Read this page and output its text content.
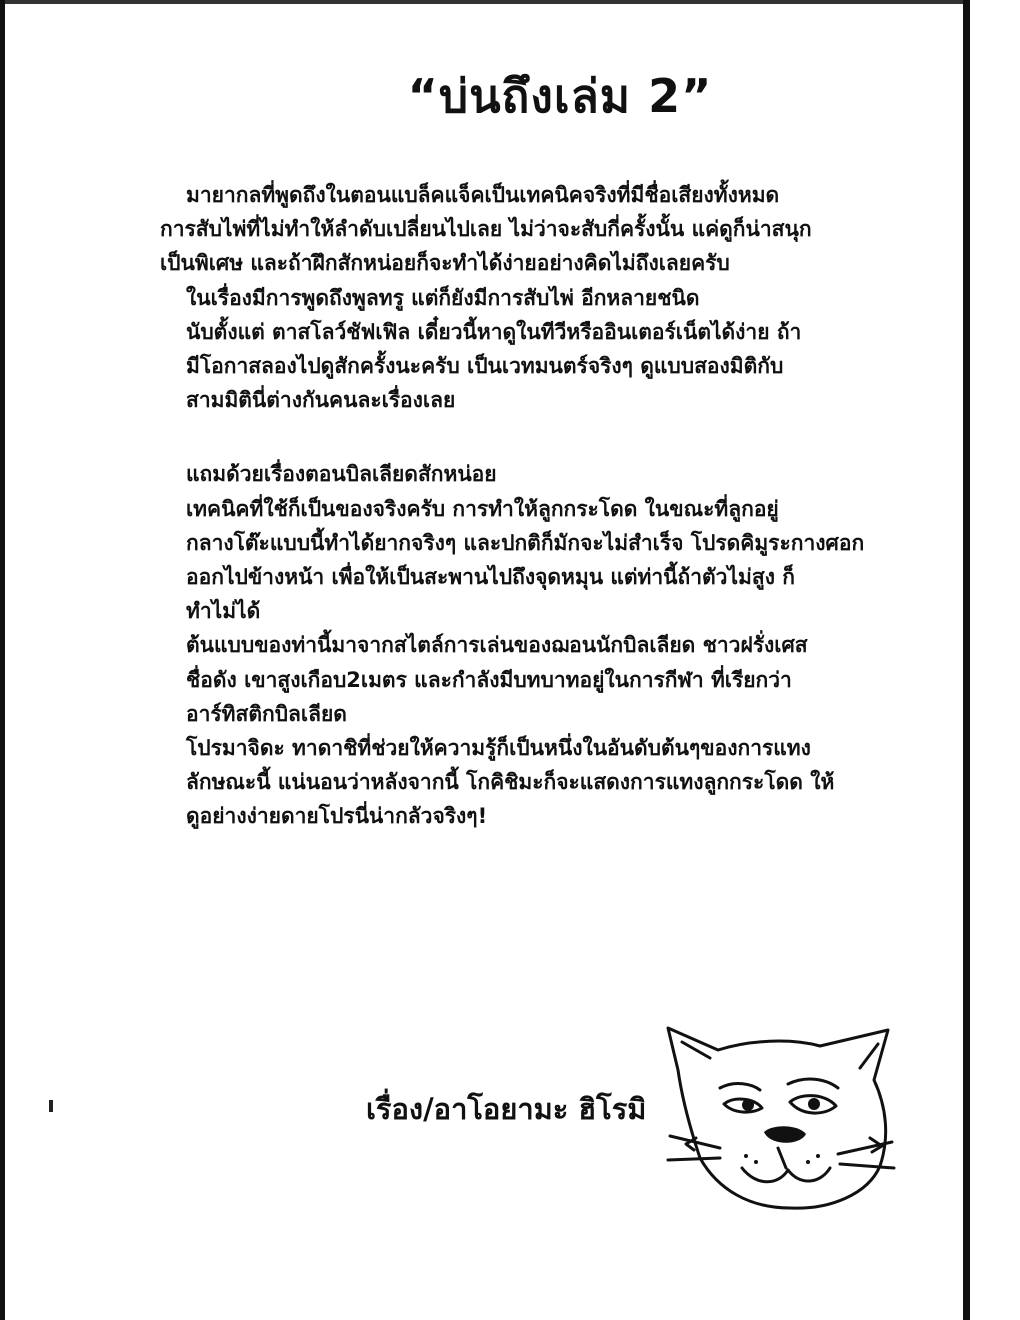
“บ่นถึงเล่ม 2”

มายากลที่พูดถึงในตอนแบล็คแจ็คเป็นเทคนิคจริงที่มีชื่อเสียงทั้งหมด
การสับไพ่ที่ไม่ทำให้ลำดับเปลี่ยนไปเลย ไม่ว่าจะสับกี่ครั้งนั้น แค่ดูก็น่าสนุก
เป็นพิเศษ และถ้าฝึกสักหน่อยก็จะทำได้ง่ายอย่างคิดไม่ถึงเลยครับ

ในเรื่องมีการพูดถึงพูลทรู แต่ก็ยังมีการสับไพ่ อีกหลายชนิด
นับตั้งแต่ ตาสโลว์ชัฟเฟิล เดี๋ยวนี้หาดูในทีวีหรืออินเตอร์เน็ตได้ง่าย ถ้า
มีโอกาสลองไปดูสักครั้งนะครับ เป็นเวทมนตร์จริงๆ ดูแบบสองมิติกับ
สามมิตินี่ต่างกันคนละเรื่องเลย

แถมด้วยเรื่องตอนบิลเลียดสักหน่อย

เทคนิคที่ใช้ก็เป็นของจริงครับ การทำให้ลูกกระโดด ในขณะที่ลูกอยู่
กลางโต๊ะแบบนี้ทำได้ยากจริงๆ และปกติก็มักจะไม่สำเร็จ โปรดคิมูระกางศอก
ออกไปข้างหน้า เพื่อให้เป็นสะพานไปถึงจุดหมุน แต่ท่านี้ถ้าตัวไม่สูง ก็
ทำไม่ได้

ต้นแบบของท่านี้มาจากสไตล์การเล่นของฌอนนักบิลเลียด ชาวฝรั่งเศส
ชื่อดัง เขาสูงเกือบ2เมตร และกำลังมีบทบาทอยู่ในการกีฬา ที่เรียกว่า
อาร์ทิสติกบิลเลียด

โปรมาจิดะ ทาดาชิที่ช่วยให้ความรู้ก็เป็นหนึ่งในอันดับต้นๆของการแทง
ลักษณะนี้ แน่นอนว่าหลังจากนี้ โกคิชิมะก็จะแสดงการแทงลูกกระโดด ให้
ดูอย่างง่ายดายโปรนี่น่ากลัวจริงๆ!

เรื่อง/อาโอยามะ ฮิโรมิ
